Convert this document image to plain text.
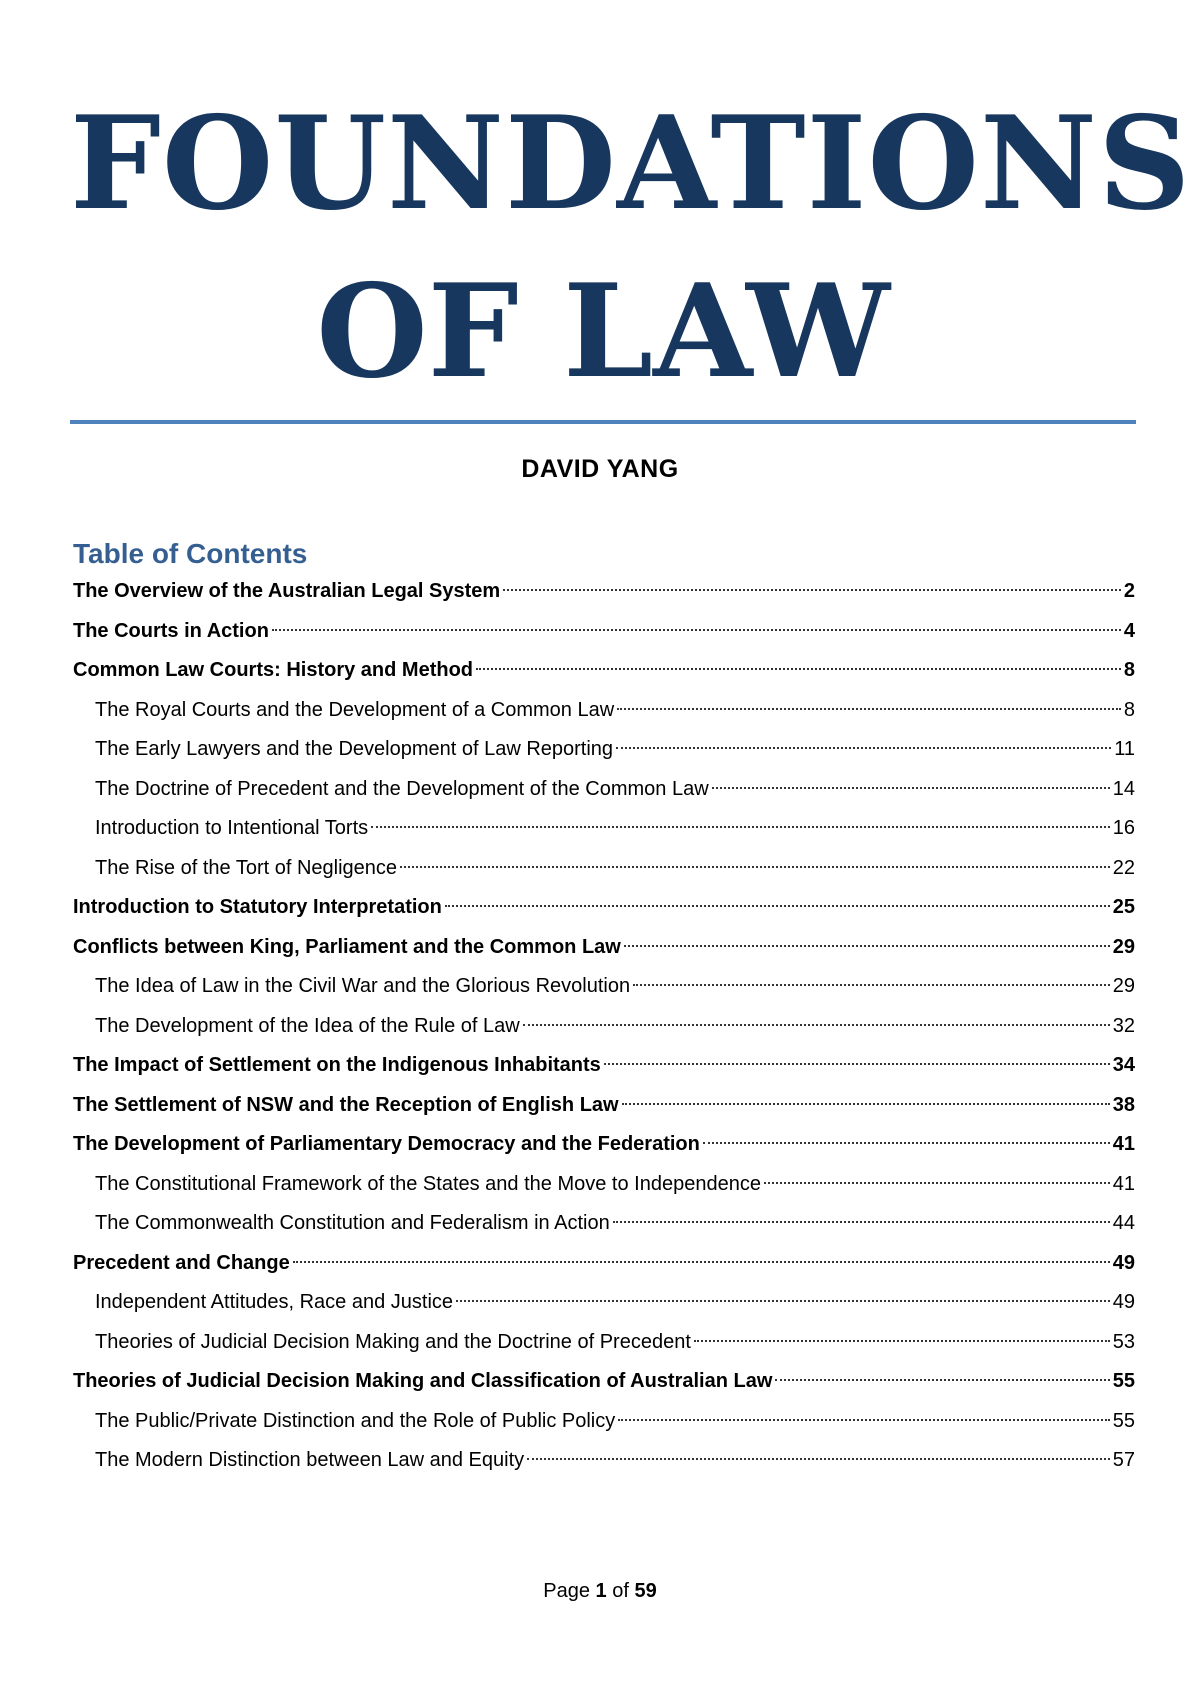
FOUNDATIONS
OF LAW
DAVID YANG
Table of Contents
The Overview of the Australian Legal System	2
The Courts in Action	4
Common Law Courts: History and Method	8
The Royal Courts and the Development of a Common Law	8
The Early Lawyers and the Development of Law Reporting	11
The Doctrine of Precedent and the Development of the Common Law	14
Introduction to Intentional Torts	16
The Rise of the Tort of Negligence	22
Introduction to Statutory Interpretation	25
Conflicts between King, Parliament and the Common Law	29
The Idea of Law in the Civil War and the Glorious Revolution	29
The Development of the Idea of the Rule of Law	32
The Impact of Settlement on the Indigenous Inhabitants	34
The Settlement of NSW and the Reception of English Law	38
The Development of Parliamentary Democracy and the Federation	41
The Constitutional Framework of the States and the Move to Independence	41
The Commonwealth Constitution and Federalism in Action	44
Precedent and Change	49
Independent Attitudes, Race and Justice	49
Theories of Judicial Decision Making and the Doctrine of Precedent	53
Theories of Judicial Decision Making and Classification of Australian Law	55
The Public/Private Distinction and the Role of Public Policy	55
The Modern Distinction between Law and Equity	57
Page 1 of 59
